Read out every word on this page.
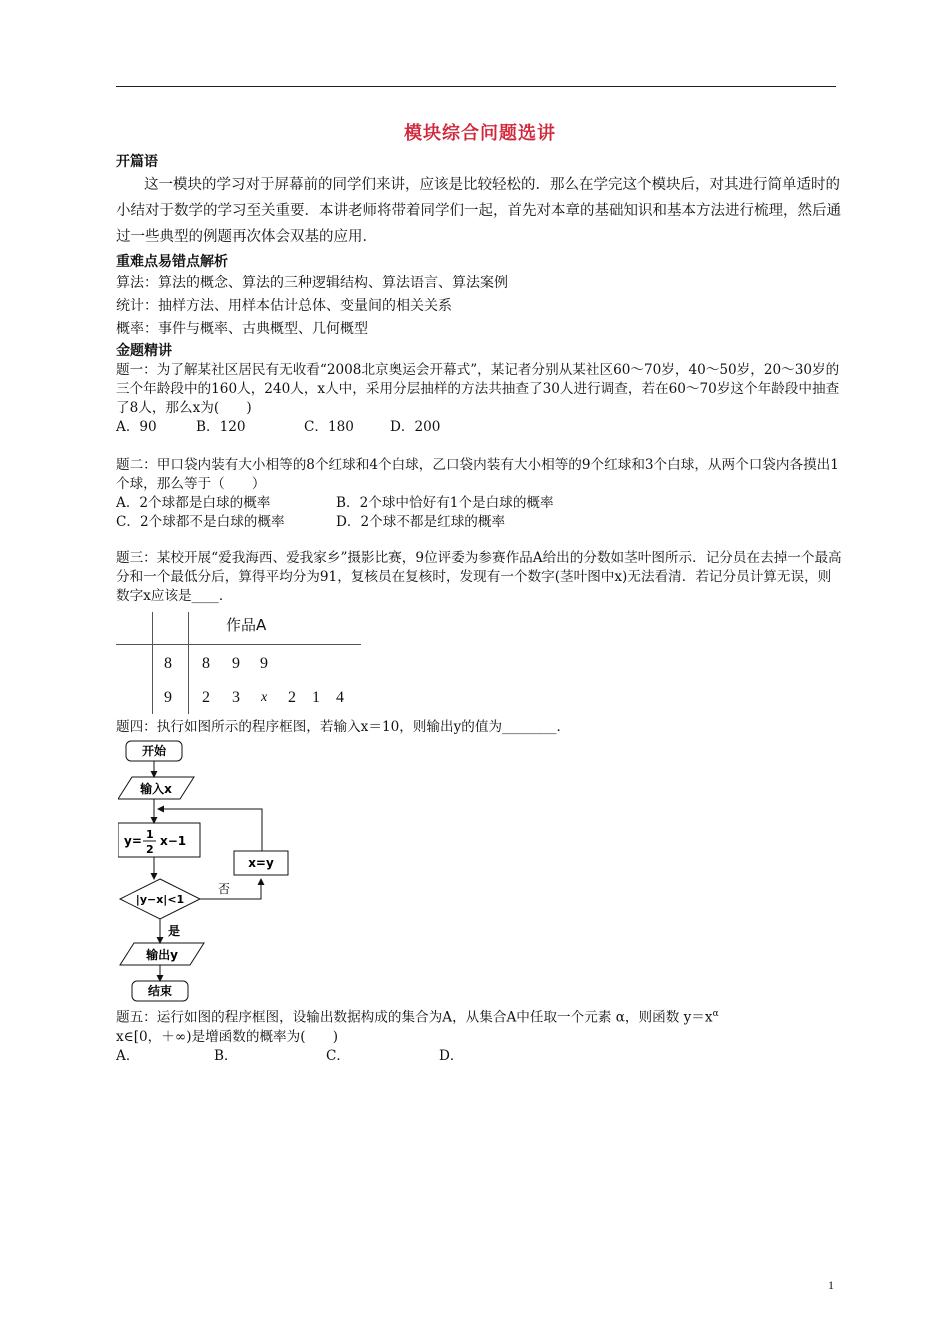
模块综合问题选讲
开篇语

这一模块的学习对于屏幕前的同学们来讲，应该是比较轻松的．那么在学完这个模块后，对其进行简单适时的小结对于数学的学习至关重要．本讲老师将带着同学们一起，首先对本章的基础知识和基本方法进行梳理，然后通过一些典型的例题再次体会双基的应用．

重难点易错点解析
算法：算法的概念、算法的三种逻辑结构、算法语言、算法案例
统计：抽样方法、用样本估计总体、变量间的相关关系
概率：事件与概率、古典概型、几何概型
金题精讲
题一：为了解某社区居民有无收看“2008北京奥运会开幕式”，某记者分别从某社区60～70岁，40～50岁，20～30岁的三个年龄段中的160人，240人，x人中，采用分层抽样的方法共抽查了30人进行调查，若在60～70岁这个年龄段中抽查了8人，那么x为(　　)
A．90	B．120	C．180	D．200
题二：甲口袋内装有大小相等的8个红球和4个白球，乙口袋内装有大小相等的9个红球和3个白球，从两个口袋内各摸出1个球，那么等于（　　）
A．2个球都是白球的概率	B．2个球中恰好有1个是白球的概率
C．2个球都不是白球的概率	D．2个球不都是红球的概率
题三：某校开展“爱我海西、爱我家乡”摄影比赛，9位评委为参赛作品A给出的分数如茎叶图所示．记分员在去掉一个最高分和一个最低分后，算得平均分为91，复核员在复核时，发现有一个数字(茎叶图中x)无法看清．若记分员计算无误，则数字x应该是____．
作品A
8 8 9 9
9 2 3 x 2 1 4
题四：执行如图所示的程序框图，若输入x＝10，则输出y的值为________．
开始
输入x
y= 1
2
x−1
x=y
|y−x|<1
否
是
输出y
结束
题五：运行如图的程序框图，设输出数据构成的集合为A，从集合A中任取一个元素 α，则函数 $y=x^\alpha$
x∈[0，＋∞)是增函数的概率为(　　)
A．	B．	C．	D．
1
